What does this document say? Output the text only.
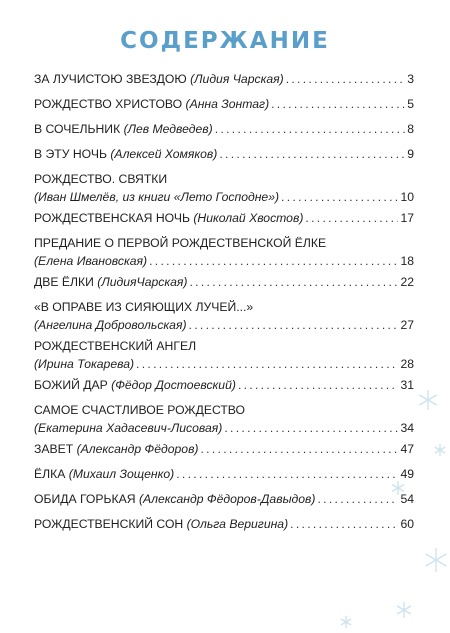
СОДЕРЖАНИЕ
ЗА ЛУЧИСТОЮ ЗВЕЗДОЮ
(Лидия Чарская) .....	3
РОЖДЕСТВО ХРИСТОВО
(Анна Зонтаг) .....	5
В СОЧЕЛЬНИК
(Лев Медведев) .....	8
В ЭТУ НОЧЬ
(Алексей Хомяков) .....	9
РОЖДЕСТВО. СВЯТКИ
(Иван Шмелёв, из книги «Лето Господне») .....	10
РОЖДЕСТВЕНСКАЯ НОЧЬ
(Николай Хвостов) .....	17
ПРЕДАНИЕ О ПЕРВОЙ РОЖДЕСТВЕНСКОЙ ЁЛКЕ
(Елена Ивановская) .....	18
ДВЕ ЁЛКИ
(ЛидияЧарская) .....	22
«В ОПРАВЕ ИЗ СИЯЮЩИХ ЛУЧЕЙ...»
(Ангелина Добровольская) .....	27
РОЖДЕСТВЕНСКИЙ АНГЕЛ
(Ирина Токарева) .....	28
БОЖИЙ ДАР
(Фёдор Достоевский) .....	31
САМОЕ СЧАСТЛИВОЕ РОЖДЕСТВО
(Екатерина Хадасевич-Лисовая) .....	34
ЗАВЕТ
(Александр Фёдоров) .....	47
ЁЛКА
(Михаил Зощенко) .....	49
ОБИДА ГОРЬКАЯ
(Александр Фёдоров-Давыдов) .....	54
РОЖДЕСТВЕНСКИЙ СОН
(Ольга Веригина) .....	60
